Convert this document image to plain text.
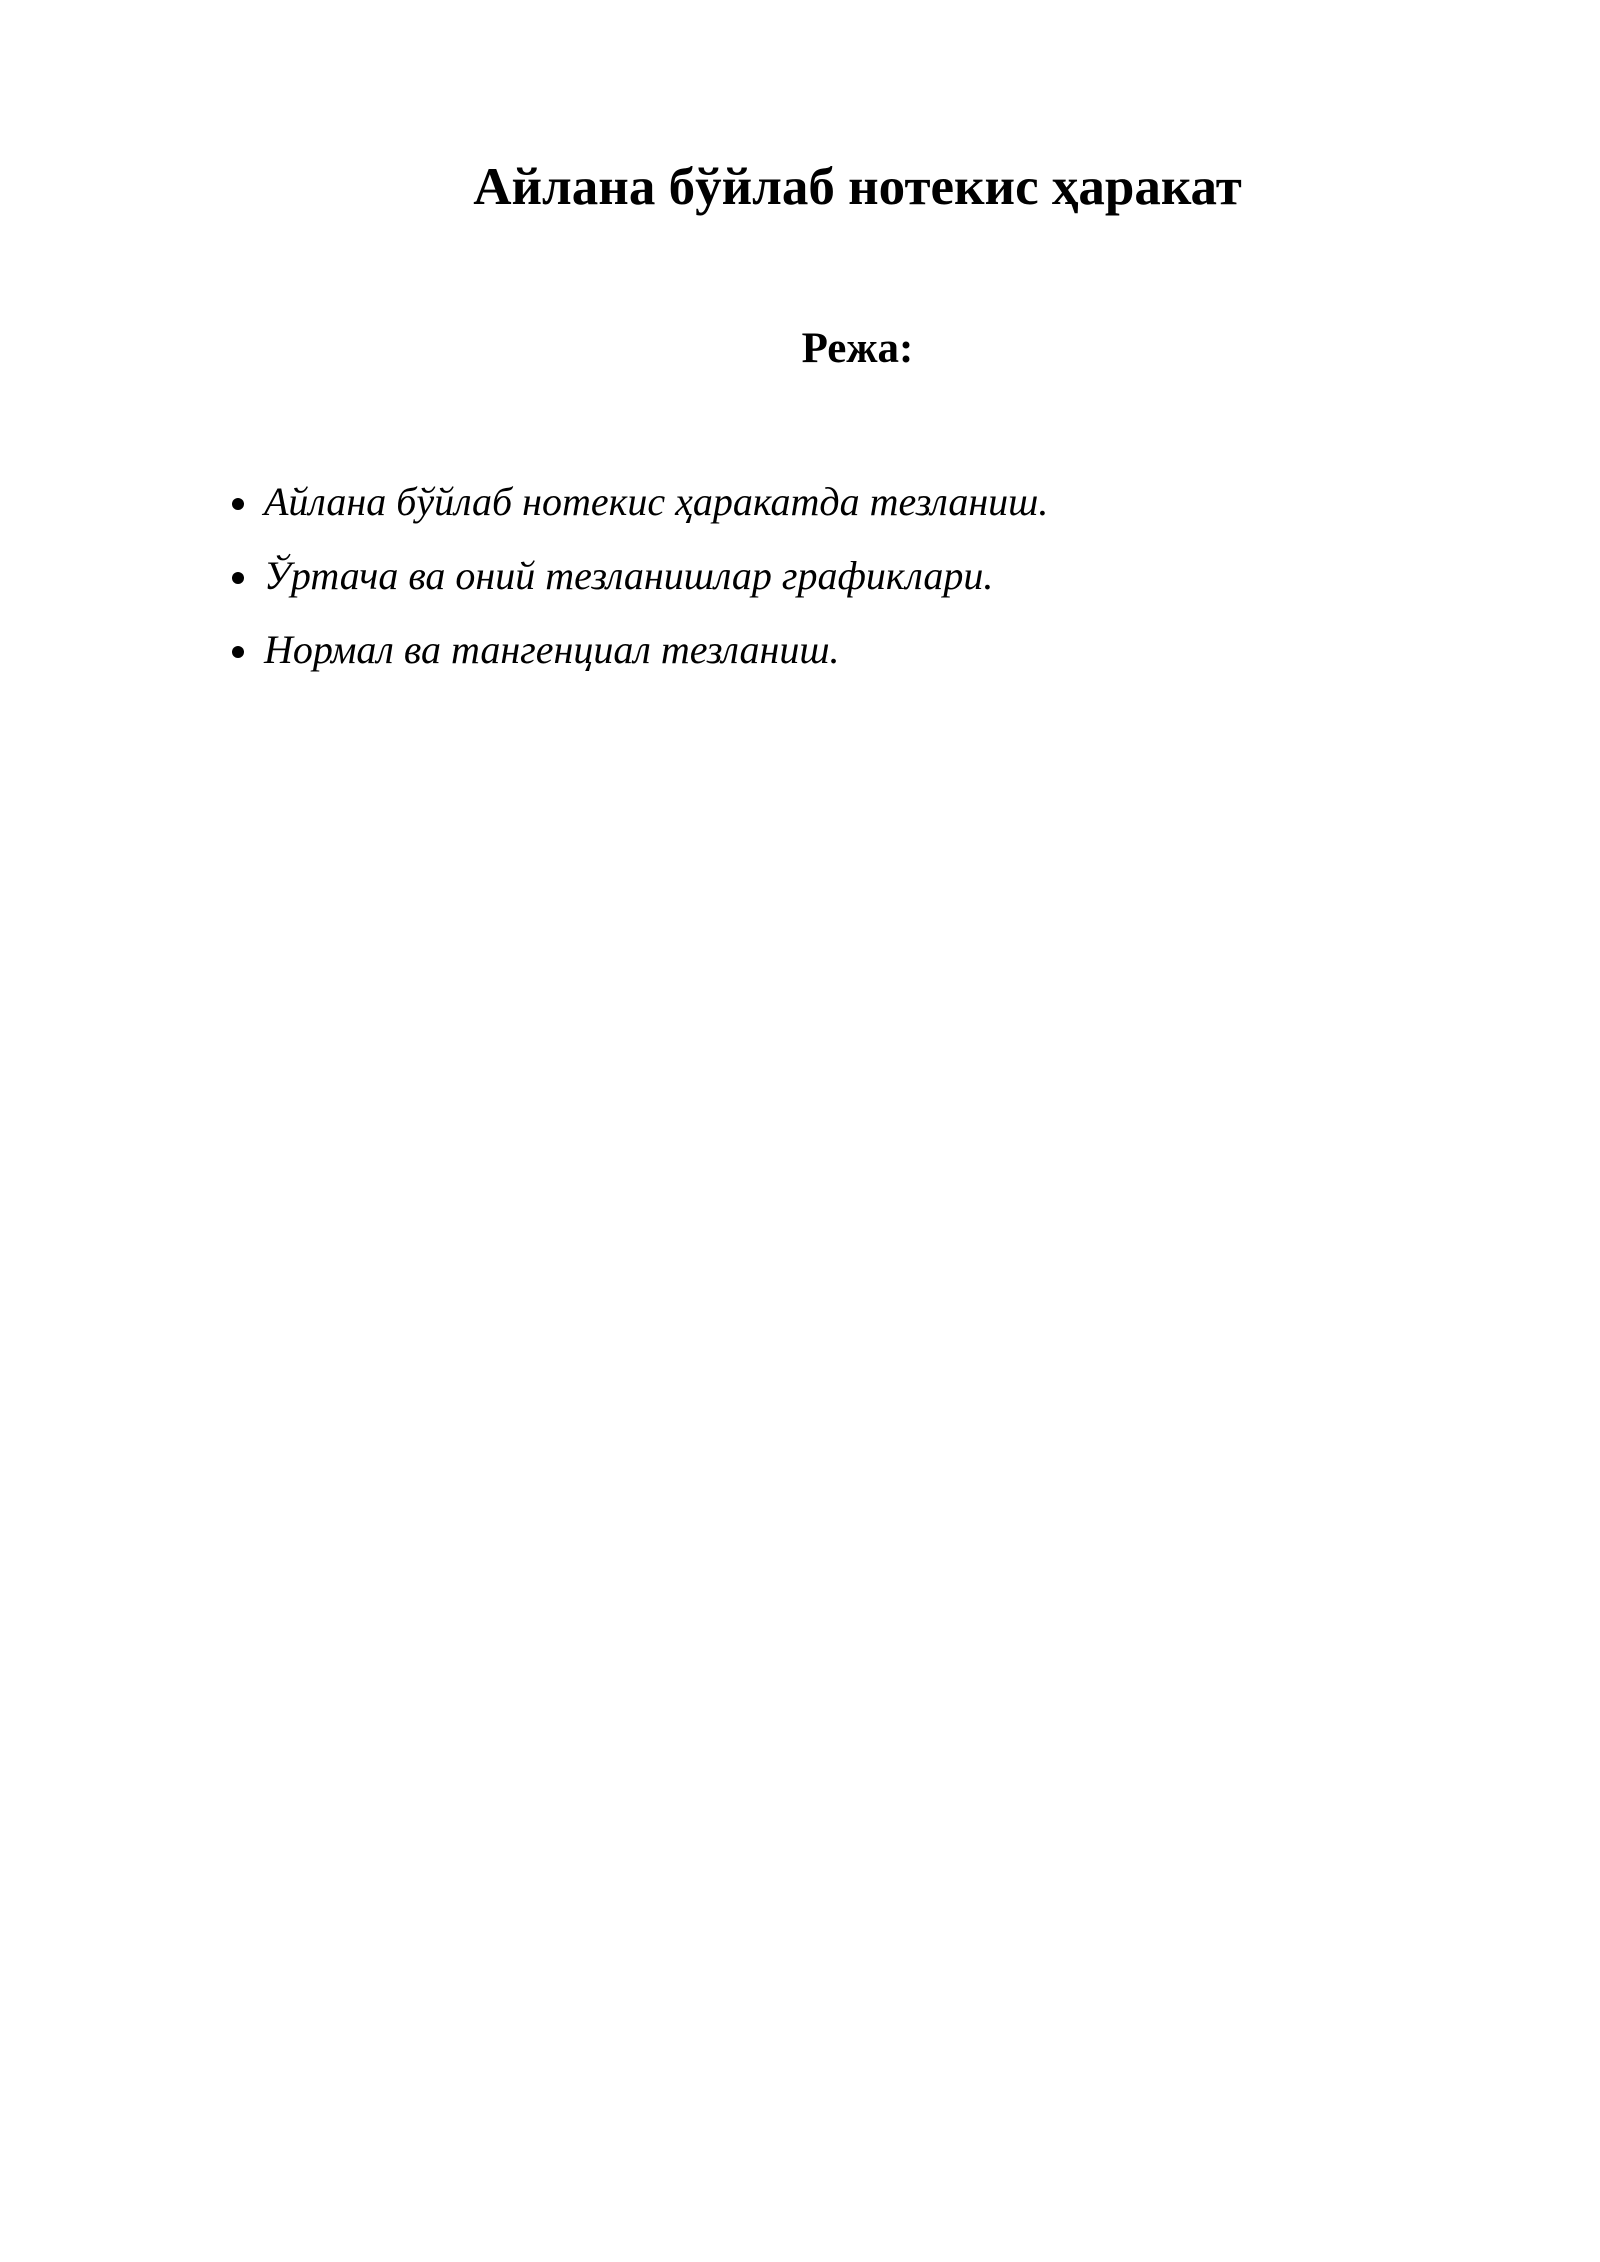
Айлана бўйлаб нотекис ҳаракат
Режа:
Айлана бўйлаб нотекис ҳаракатда тезланиш.
Ўртача ва оний тезланишлар графиклари.
Нормал ва тангенциал тезланиш.
